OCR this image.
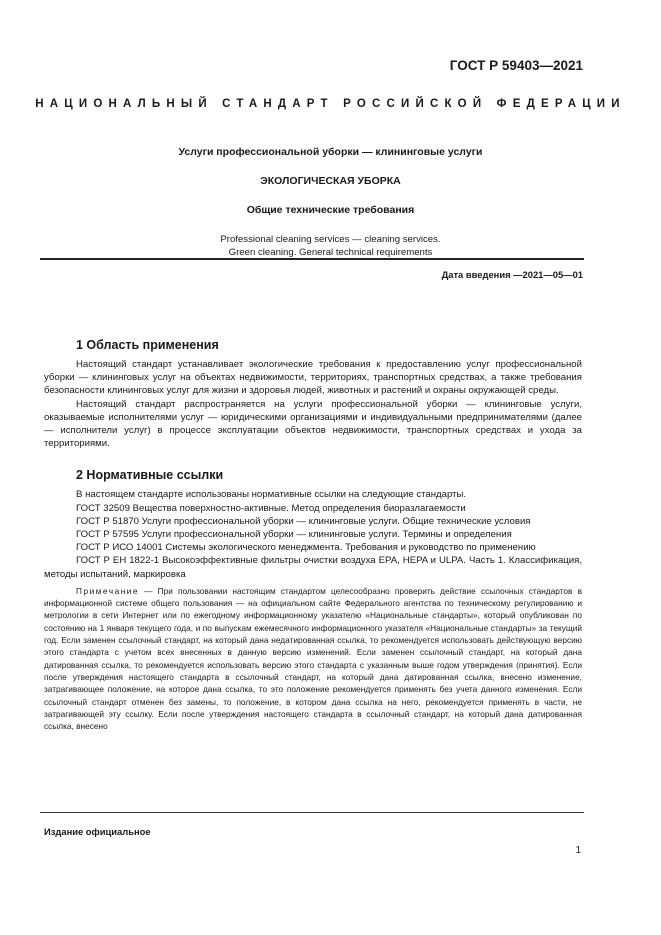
ГОСТ Р 59403—2021
НАЦИОНАЛЬНЫЙ СТАНДАРТ РОССИЙСКОЙ ФЕДЕРАЦИИ
Услуги профессиональной уборки — клининговые услуги
ЭКОЛОГИЧЕСКАЯ УБОРКА
Общие технические требования
Professional cleaning services — cleaning services.
Green cleaning. General technical requirements
Дата введения —2021—05—01
1 Область применения

Настоящий стандарт устанавливает экологические требования к предоставлению услуг профессиональной уборки — клининговых услуг на объектах недвижимости, территориях, транспортных средствах, а также требования безопасности клининговых услуг для жизни и здоровья людей, животных и растений и охраны окружающей среды.

Настоящий стандарт распространяется на услуги профессиональной уборки — клининговые услуги, оказываемые исполнителями услуг — юридическими организациями и индивидуальными предпринимателями (далее — исполнители услуг) в процессе эксплуатации объектов недвижимости, транспортных средствах и ухода за территориями.

2 Нормативные ссылки

В настоящем стандарте использованы нормативные ссылки на следующие стандарты.

ГОСТ 32509 Вещества поверхностно-активные. Метод определения биоразлагаемости

ГОСТ Р 51870 Услуги профессиональной уборки — клининговые услуги. Общие технические условия

ГОСТ Р 57595 Услуги профессиональной уборки — клининговые услуги. Термины и определения

ГОСТ Р ИСО 14001 Системы экологического менеджмента. Требования и руководство по применению

ГОСТ Р ЕН 1822-1 Высокоэффективные фильтры очистки воздуха ЕРА, HEPA и ULPA. Часть 1. Классификация, методы испытаний, маркировка

Примечание — При пользовании настоящим стандартом целесообразно проверить действие ссылочных стандартов в информационной системе общего пользования — на официальном сайте Федерального агентства по техническому регулированию и метрологии в сети Интернет или по ежегодному информационному указателю «Национальные стандарты», который опубликован по состоянию на 1 января текущего года, и по выпускам ежемесячного информационного указателя «Национальные стандарты» за текущий год. Если заменен ссылочный стандарт, на который дана недатированная ссылка, то рекомендуется использовать действующую версию этого стандарта с учетом всех внесенных в данную версию изменений. Если заменен ссылочный стандарт, на который дана датированная ссылка, то рекомендуется использовать версию этого стандарта с указанным выше годом утверждения (принятия). Если после утверждения настоящего стандарта в ссылочный стандарт, на который дана датированная ссылка, внесено изменение, затрагивающее положение, на которое дана ссылка, то это положение рекомендуется применять без учета данного изменения. Если ссылочный стандарт отменен без замены, то положение, в котором дана ссылка на него, рекомендуется применять в части, не затрагивающей эту ссылку. Если после утверждения настоящего стандарта в ссылочный стандарт, на который дана датированная ссылка, внесено
Издание официальное
1
